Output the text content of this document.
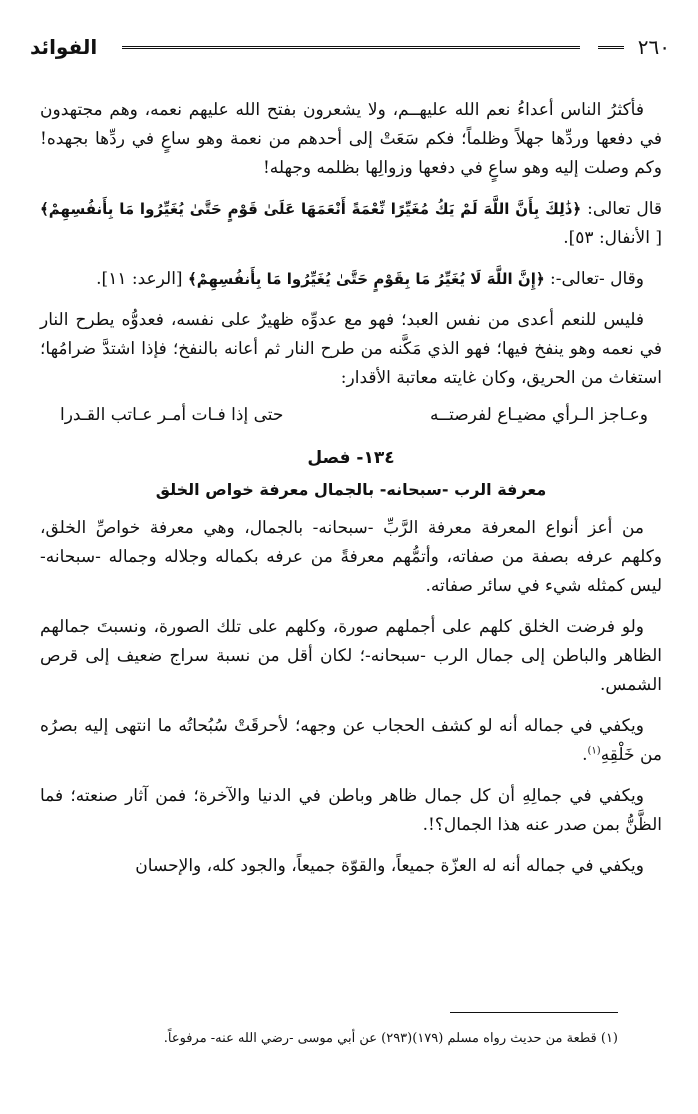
الفوائد	٢٦٠

فأكثرُ الناس أعداءُ نعم الله عليهــم، ولا يشعرون بفتح الله عليهم نعمه، وهم مجتهدون في دفعها وردِّها جهلاً وظلماً؛ فكم سَعَتْ إلى أحدهم من نعمة وهو ساعٍ في ردِّها بجهده! وكم وصلت إليه وهو ساعٍ في دفعها وزوالِها بظلمه وجهله!

قال تعالى: ﴿ذَٰلِكَ بِأَنَّ اللَّهَ لَمْ يَكُ مُغَيِّرًا نِّعْمَةً أَنْعَمَهَا عَلَىٰ قَوْمٍ حَتَّىٰ يُغَيِّرُوا مَا بِأَنفُسِهِمْ﴾ [ الأنفال: ٥٣].

وقال -تعالى-: ﴿إِنَّ اللَّهَ لَا يُغَيِّرُ مَا بِقَوْمٍ حَتَّىٰ يُغَيِّرُوا مَا بِأَنفُسِهِمْ﴾ [الرعد: ١١].

فليس للنعم أعدى من نفس العبد؛ فهو مع عدوِّه ظهيرٌ على نفسه، فعدوُّه يطرح النار في نعمه وهو ينفخ فيها؛ فهو الذي مَكَّنه من طرح النار ثم أعانه بالنفخ؛ فإذا اشتدَّ ضرامُها؛ استغاث من الحريق، وكان غايته معاتبة الأقدار:

وعـاجز الـرأي مضيـاع لفرصتــه
حتى إذا فـات أمـر عـاتب القـدرا
١٣٤- فصل
معرفة الرب -سبحانه- بالجمال معرفة خواص الخلق

من أعز أنواع المعرفة معرفة الرَّبِّ -سبحانه- بالجمال، وهي معرفة خواصِّ الخلق، وكلهم عرفه بصفة من صفاته، وأتمُّهم معرفةً من عرفه بكماله وجلاله وجماله -سبحانه- ليس كمثله شيء في سائر صفاته.

ولو فرضت الخلق كلهم على أجملهم صورة، وكلهم على تلك الصورة، ونسبتَ جمالهم الظاهر والباطن إلى جمال الرب -سبحانه-؛ لكان أقل من نسبة سراج ضعيف إلى قرص الشمس.

ويكفي في جماله أنه لو كشف الحجاب عن وجهه؛ لأحرقَتْ سُبُحاتُه ما انتهى إليه بصرُه من خَلْقِهِ$^{(١)}$.

ويكفي في جمالِهِ أن كل جمال ظاهر وباطن في الدنيا والآخرة؛ فمن آثار صنعته؛ فما الظَّنُّ بمن صدر عنه هذا الجمال؟!.

ويكفي في جماله أنه له العزّة جميعاً، والقوّة جميعاً، والجود كله، والإحسان

(١) قطعة من حديث رواه مسلم (١٧٩)(٢٩٣) عن أبي موسى -رضي الله عنه- مرفوعاً.
